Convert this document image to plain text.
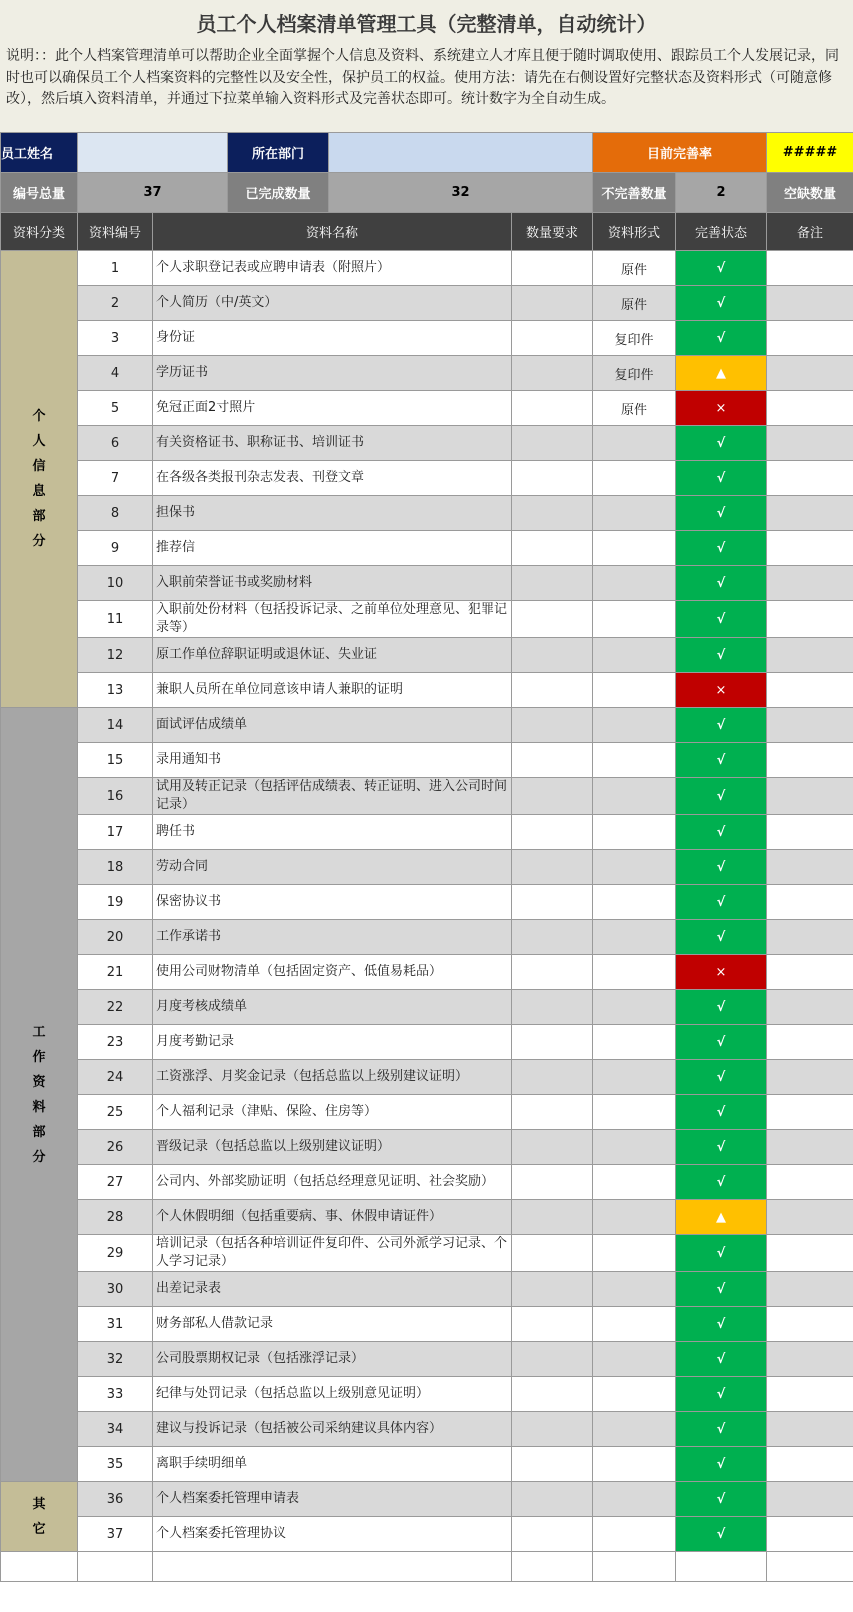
员工个人档案清单管理工具（完整清单，自动统计）
说明：：此个人档案管理清单可以帮助企业全面掌握个人信息及资料、系统建立人才库且便于随时调取使用、跟踪员工个人发展记录，同时也可以确保员工个人档案资料的完整性以及安全性，保护员工的权益。使用方法：请先在右侧设置好完整状态及资料形式（可随意修改），然后填入资料清单，并通过下拉菜单输入资料形式及完善状态即可。统计数字为全自动生成。
员工姓名			所在部门			目前完善率		#####	
编号总量	37		已完成数量	32		不完善数量	2	空缺数量	
资料分类	资料编号	资料名称			数量要求	资料形式	完善状态	备注	

个人信息部分	1	个人求职登记表或应聘申请表（附照片）				原件	√		
	2	个人简历（中/英文）				原件	√		
	3	身份证				复印件	√		
	4	学历证书				复印件	▲		
	5	免冠正面2寸照片				原件	×		
	6	有关资格证书、职称证书、培训证书					√		
	7	在各级各类报刊杂志发表、刊登文章					√		
	8	担保书					√		
	9	推荐信					√		
	10	入职前荣誉证书或奖励材料					√		
	11	入职前处份材料（包括投诉记录、之前单位处理意见、犯罪记录等）					√		
	12	原工作单位辞职证明或退休证、失业证					√		
	13	兼职人员所在单位同意该申请人兼职的证明					×		

工作资料部分	14	面试评估成绩单					√		
	15	录用通知书					√		
	16	试用及转正记录（包括评估成绩表、转正证明、进入公司时间记录）					√		
	17	聘任书					√		
	18	劳动合同					√		
	19	保密协议书					√		
	20	工作承诺书					√		
	21	使用公司财物清单（包括固定资产、低值易耗品）					×		
	22	月度考核成绩单					√		
	23	月度考勤记录					√		
	24	工资涨浮、月奖金记录（包括总监以上级别建议证明）					√		
	25	个人福利记录（津贴、保险、住房等）					√		
	26	晋级记录（包括总监以上级别建议证明）					√		
	27	公司内、外部奖励证明（包括总经理意见证明、社会奖励）					√		
	28	个人休假明细（包括重要病、事、休假申请证件）					▲		
	29	培训记录（包括各种培训证件复印件、公司外派学习记录、个人学习记录）					√		
	30	出差记录表					√		
	31	财务部私人借款记录					√		
	32	公司股票期权记录（包括涨浮记录）					√		
	33	纪律与处罚记录（包括总监以上级别意见证明）					√		
	34	建议与投诉记录（包括被公司采纳建议具体内容）					√		
	35	离职手续明细单					√		

其它	36	个人档案委托管理申请表					√		
	37	个人档案委托管理协议					√		
